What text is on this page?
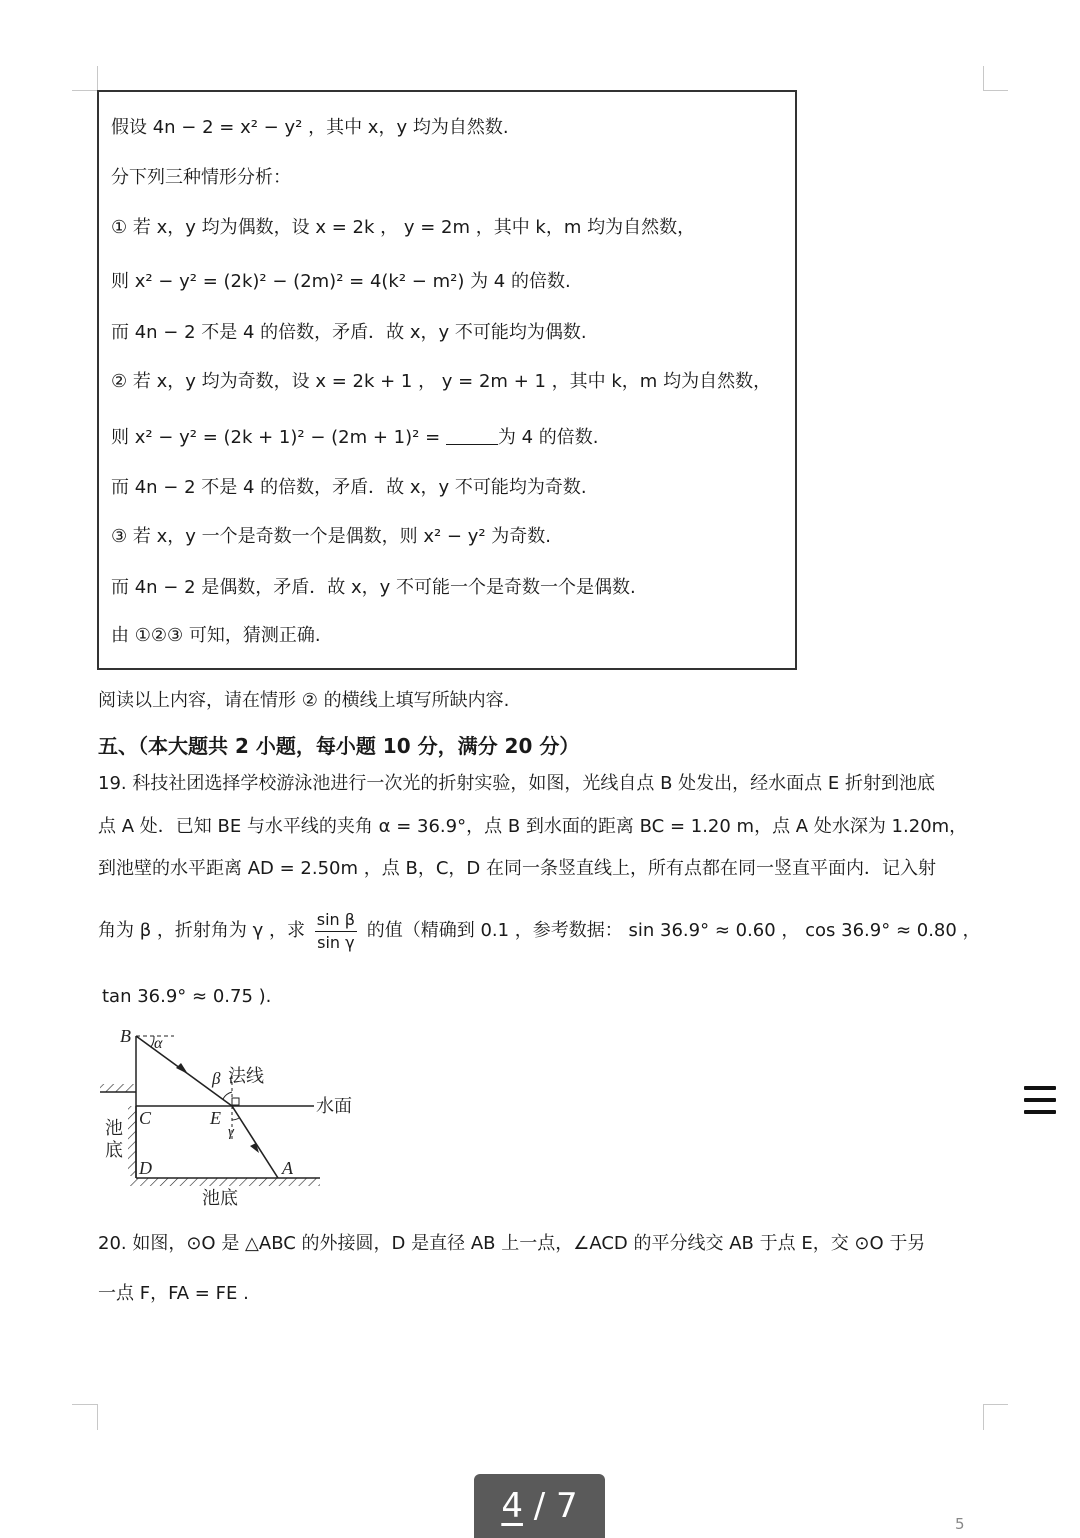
假设 4n − 2 = x² − y² ，其中 x，y 均为自然数.
分下列三种情形分析：
① 若 x，y 均为偶数，设 x = 2k ， y = 2m ，其中 k，m 均为自然数，
则 x² − y² = (2k)² − (2m)² = 4(k² − m²) 为 4 的倍数.
而 4n − 2 不是 4 的倍数，矛盾．故 x，y 不可能均为偶数.
② 若 x，y 均为奇数，设 x = 2k + 1 ， y = 2m + 1 ，其中 k，m 均为自然数，
则 x² − y² = (2k + 1)² − (2m + 1)² =	为 4 的倍数.
而 4n − 2 不是 4 的倍数，矛盾．故 x，y 不可能均为奇数.
③ 若 x，y 一个是奇数一个是偶数，则 x² − y² 为奇数.
而 4n − 2 是偶数，矛盾．故 x，y 不可能一个是奇数一个是偶数.
由 ①②③ 可知，猜测正确.
阅读以上内容，请在情形 ② 的横线上填写所缺内容.
五、（本大题共 2 小题，每小题 10 分，满分 20 分）
19. 科技社团选择学校游泳池进行一次光的折射实验，如图，光线自点 B 处发出，经水面点 E 折射到池底
点 A 处．已知 BE 与水平线的夹角 α = 36.9°，点 B 到水面的距离 BC = 1.20 m，点 A 处水深为 1.20m，
到池壁的水平距离 AD = 2.50m ，点 B，C，D 在同一条竖直线上，所有点都在同一竖直平面内．记入射
角为 β ，折射角为 γ ，求 $\frac{\text{sin β}}{\text{sin γ}}$ 的值（精确到 0.1 ，参考数据： sin 36.9° ≈ 0.60 ， cos 36.9° ≈ 0.80 ，
tan 36.9° ≈ 0.75 ).
B α
β 法线
C	E
水面
γ
池底
D	A
池底
20. 如图，⊙O 是 △ABC 的外接圆，D 是直径 AB 上一点，∠ACD 的平分线交 AB 于点 E，交 ⊙O 于另
一点 F，FA = FE .
4 / 7	5
